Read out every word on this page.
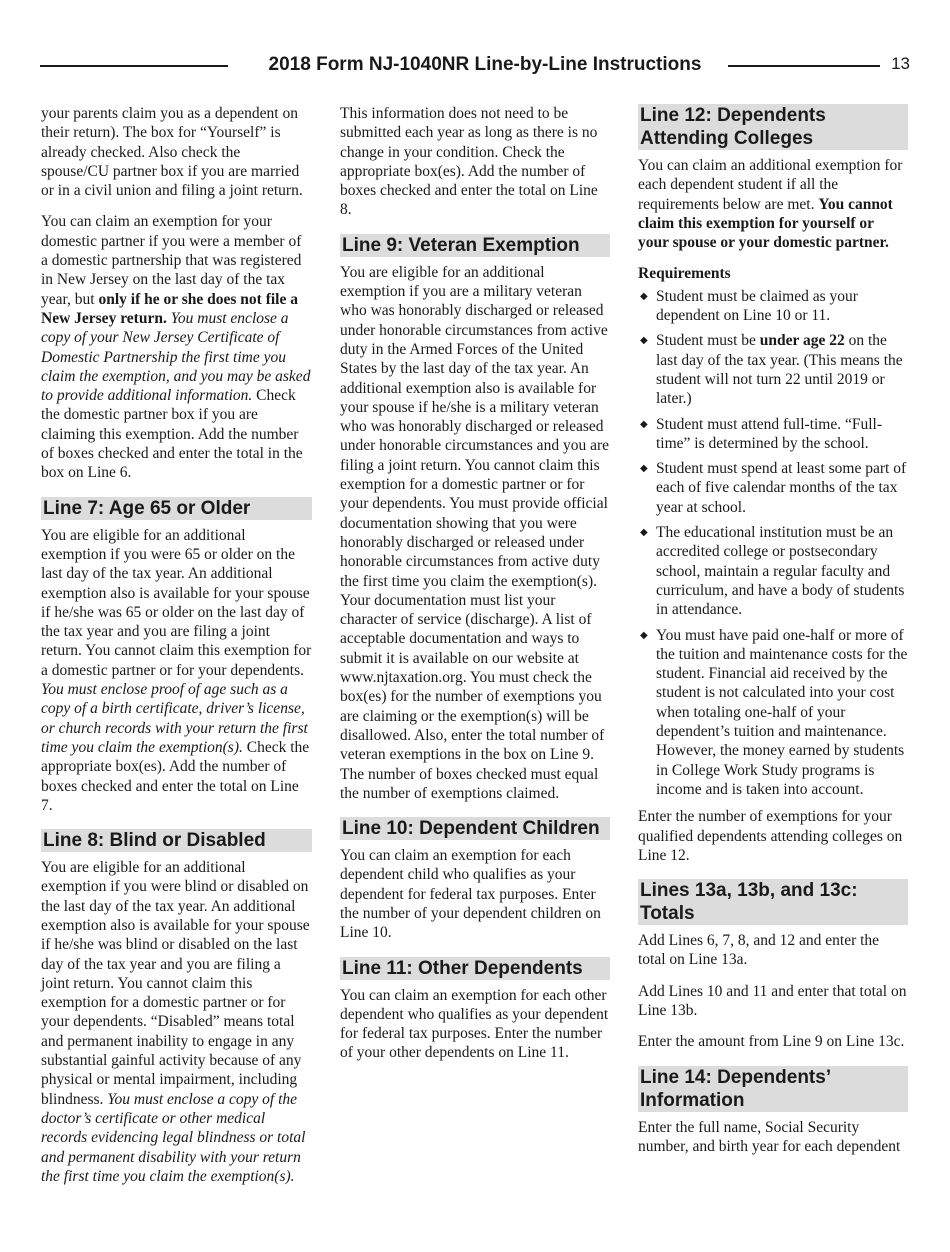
2018 Form NJ-1040NR Line-by-Line Instructions	13

your parents claim you as a dependent on their return). The box for “Yourself” is already checked. Also check the spouse/CU partner box if you are married or in a civil union and filing a joint return.

You can claim an exemption for your domestic partner if you were a member of a domestic partnership that was registered in New Jersey on the last day of the tax year, but only if he or she does not file a New Jersey return. You must enclose a copy of your New Jersey Certificate of Domestic Partnership the first time you claim the exemption, and you may be asked to provide additional information. Check the domestic partner box if you are claiming this exemption. Add the number of boxes checked and enter the total in the box on Line 6.

Line 7: Age 65 or Older

You are eligible for an additional exemption if you were 65 or older on the last day of the tax year. An additional exemption also is available for your spouse if he/she was 65 or older on the last day of the tax year and you are filing a joint return. You cannot claim this exemption for a domestic partner or for your dependents. You must enclose proof of age such as a copy of a birth certificate, driver’s license, or church records with your return the first time you claim the exemption(s). Check the appropriate box(es). Add the number of boxes checked and enter the total on Line 7.

Line 8: Blind or Disabled

You are eligible for an additional exemption if you were blind or disabled on the last day of the tax year. An additional exemption also is available for your spouse if he/she was blind or disabled on the last day of the tax year and you are filing a joint return. You cannot claim this exemption for a domestic partner or for your dependents. “Disabled” means total and permanent inability to engage in any substantial gainful activity because of any physical or mental impairment, including blindness. You must enclose a copy of the doctor’s certificate or other medical records evidencing legal blindness or total and permanent disability with your return the first time you claim the exemption(s).

This information does not need to be submitted each year as long as there is no change in your condition. Check the appropriate box(es). Add the number of boxes checked and enter the total on Line 8.

Line 9: Veteran Exemption

You are eligible for an additional exemption if you are a military veteran who was honorably discharged or released under honorable circumstances from active duty in the Armed Forces of the United States by the last day of the tax year. An additional exemption also is available for your spouse if he/she is a military veteran who was honorably discharged or released under honorable circumstances and you are filing a joint return. You cannot claim this exemption for a domestic partner or for your dependents. You must provide official documentation showing that you were honorably discharged or released under honorable circumstances from active duty the first time you claim the exemption(s). Your documentation must list your character of service (discharge). A list of acceptable documentation and ways to submit it is available on our website at www.njtaxation.org. You must check the box(es) for the number of exemptions you are claiming or the exemption(s) will be disallowed. Also, enter the total number of veteran exemptions in the box on Line 9. The number of boxes checked must equal the number of exemptions claimed.

Line 10: Dependent Children

You can claim an exemption for each dependent child who qualifies as your dependent for federal tax purposes. Enter the number of your dependent children on Line 10.

Line 11: Other Dependents

You can claim an exemption for each other dependent who qualifies as your dependent for federal tax purposes. Enter the number of your other dependents on Line 11.

Line 12: Dependents Attending Colleges

You can claim an additional exemption for each dependent student if all the requirements below are met. You cannot claim this exemption for yourself or your spouse or your domestic partner.

Requirements
◆ Student must be claimed as your dependent on Line 10 or 11.
◆ Student must be under age 22 on the last day of the tax year. (This means the student will not turn 22 until 2019 or later.)
◆ Student must attend full-time. “Full-time” is determined by the school.
◆ Student must spend at least some part of each of five calendar months of the tax year at school.
◆ The educational institution must be an accredited college or postsecondary school, maintain a regular faculty and curriculum, and have a body of students in attendance.
◆ You must have paid one-half or more of the tuition and maintenance costs for the student. Financial aid received by the student is not calculated into your cost when totaling one-half of your dependent’s tuition and maintenance. However, the money earned by students in College Work Study programs is income and is taken into account.

Enter the number of exemptions for your qualified dependents attending colleges on Line 12.

Lines 13a, 13b, and 13c: Totals

Add Lines 6, 7, 8, and 12 and enter the total on Line 13a.

Add Lines 10 and 11 and enter that total on Line 13b.

Enter the amount from Line 9 on Line 13c.

Line 14: Dependents’ Information

Enter the full name, Social Security number, and birth year for each dependent
